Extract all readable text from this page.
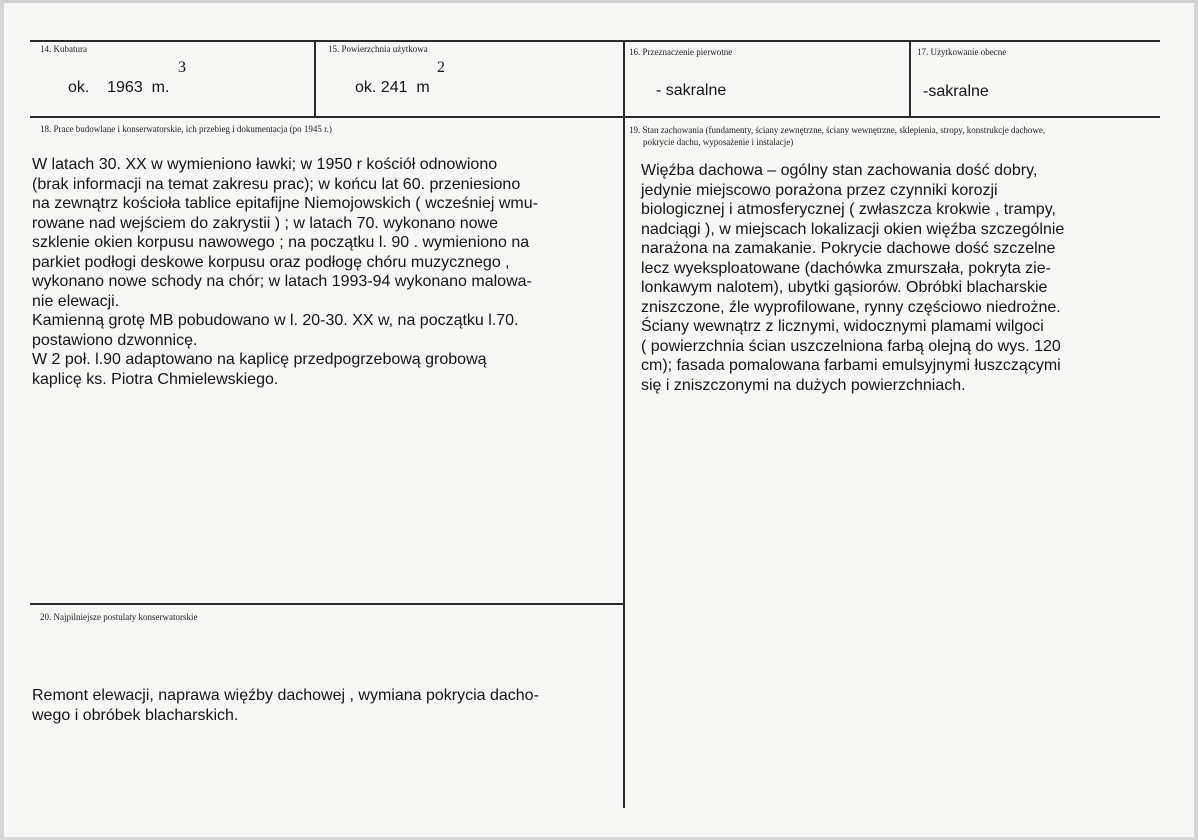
14. Kubatura
3
ok.    1963  m.
15. Powierzchnia użytkowa
2
ok. 241  m
16. Przeznaczenie pierwotne
- sakralne
17. Użytkowanie obecne
-sakralne
18. Prace budowlane i konserwatorskie, ich przebieg i dokumentacja (po 1945 r.)
W latach 30. XX w wymieniono ławki; w 1950 r kościół odnowiono
(brak informacji na temat zakresu prac); w końcu lat 60. przeniesiono
na zewnątrz kościoła tablice epitafijne Niemojowskich ( wcześniej wmu-
rowane nad wejściem do zakrystii ) ; w latach 70. wykonano nowe
szklenie okien korpusu nawowego ; na początku l. 90 . wymieniono na
parkiet podłogi deskowe korpusu oraz podłogę chóru muzycznego ,
wykonano nowe schody na chór; w latach 1993-94 wykonano malowa-
nie elewacji.
Kamienną grotę MB pobudowano w l. 20-30. XX w, na początku l.70.
postawiono dzwonnicę.
W 2 poł. l.90 adaptowano na kaplicę przedpogrzebową grobową
kaplicę ks. Piotra Chmielewskiego.
19. Stan zachowania (fundamenty, ściany zewnętrzne, ściany wewnętrzne, sklepienia, stropy, konstrukcje dachowe,
pokrycie dachu, wyposażenie i instalacje)
Więźba dachowa – ogólny stan zachowania dość dobry,
jedynie miejscowo porażona przez czynniki korozji
biologicznej i atmosferycznej ( zwłaszcza krokwie , trampy,
nadciągi ), w miejscach lokalizacji okien więźba szczególnie
narażona na zamakanie. Pokrycie dachowe dość szczelne
lecz wyeksploatowane (dachówka zmurszała, pokryta zie-
lonkawym nalotem), ubytki gąsiorów. Obróbki blacharskie
zniszczone, źle wyprofilowane, rynny częściowo niedrożne.
Ściany wewnątrz z licznymi, widocznymi plamami wilgoci
( powierzchnia ścian uszczelniona farbą olejną do wys. 120
cm); fasada pomalowana farbami emulsyjnymi łuszczącymi
się i zniszczonymi na dużych powierzchniach.
20. Najpilniejsze postulaty konserwatorskie
Remont elewacji, naprawa więźby dachowej , wymiana pokrycia dacho-
wego i obróbek blacharskich.
